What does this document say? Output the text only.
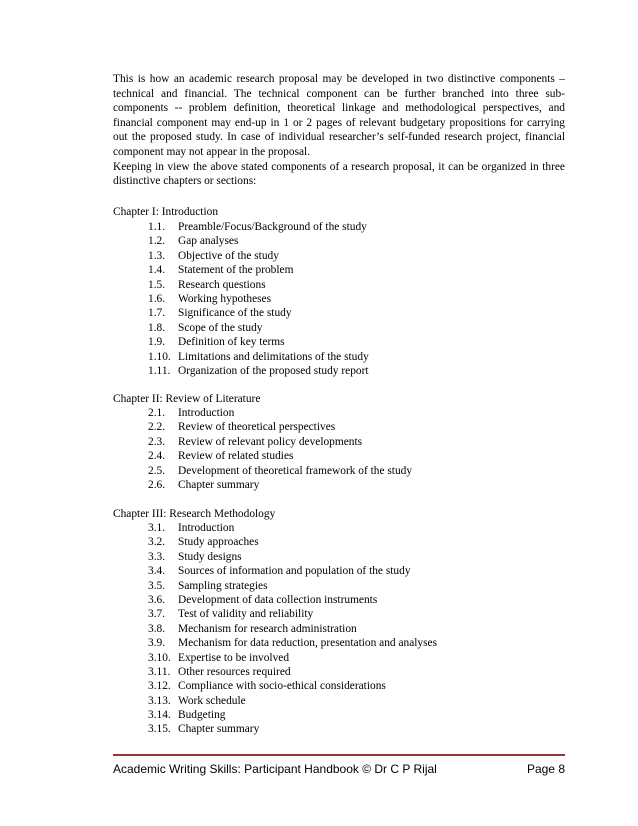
This is how an academic research proposal may be developed in two distinctive components – technical and financial. The technical component can be further branched into three sub-components -- problem definition, theoretical linkage and methodological perspectives, and financial component may end-up in 1 or 2 pages of relevant budgetary propositions for carrying out the proposed study. In case of individual researcher’s self-funded research project, financial component may not appear in the proposal.

Keeping in view the above stated components of a research proposal, it can be organized in three distinctive chapters or sections:

Chapter I: Introduction
1.1. Preamble/Focus/Background of the study
1.2. Gap analyses
1.3. Objective of the study
1.4. Statement of the problem
1.5. Research questions
1.6. Working hypotheses
1.7. Significance of the study
1.8. Scope of the study
1.9. Definition of key terms
1.10. Limitations and delimitations of the study
1.11. Organization of the proposed study report
Chapter II: Review of Literature
2.1. Introduction
2.2. Review of theoretical perspectives
2.3. Review of relevant policy developments
2.4. Review of related studies
2.5. Development of theoretical framework of the study
2.6. Chapter summary
Chapter III: Research Methodology
3.1. Introduction
3.2. Study approaches
3.3. Study designs
3.4. Sources of information and population of the study
3.5. Sampling strategies
3.6. Development of data collection instruments
3.7. Test of validity and reliability
3.8. Mechanism for research administration
3.9. Mechanism for data reduction, presentation and analyses
3.10. Expertise to be involved
3.11. Other resources required
3.12. Compliance with socio-ethical considerations
3.13. Work schedule
3.14. Budgeting
3.15. Chapter summary
Academic Writing Skills: Participant Handbook © Dr C P Rijal	Page 8
